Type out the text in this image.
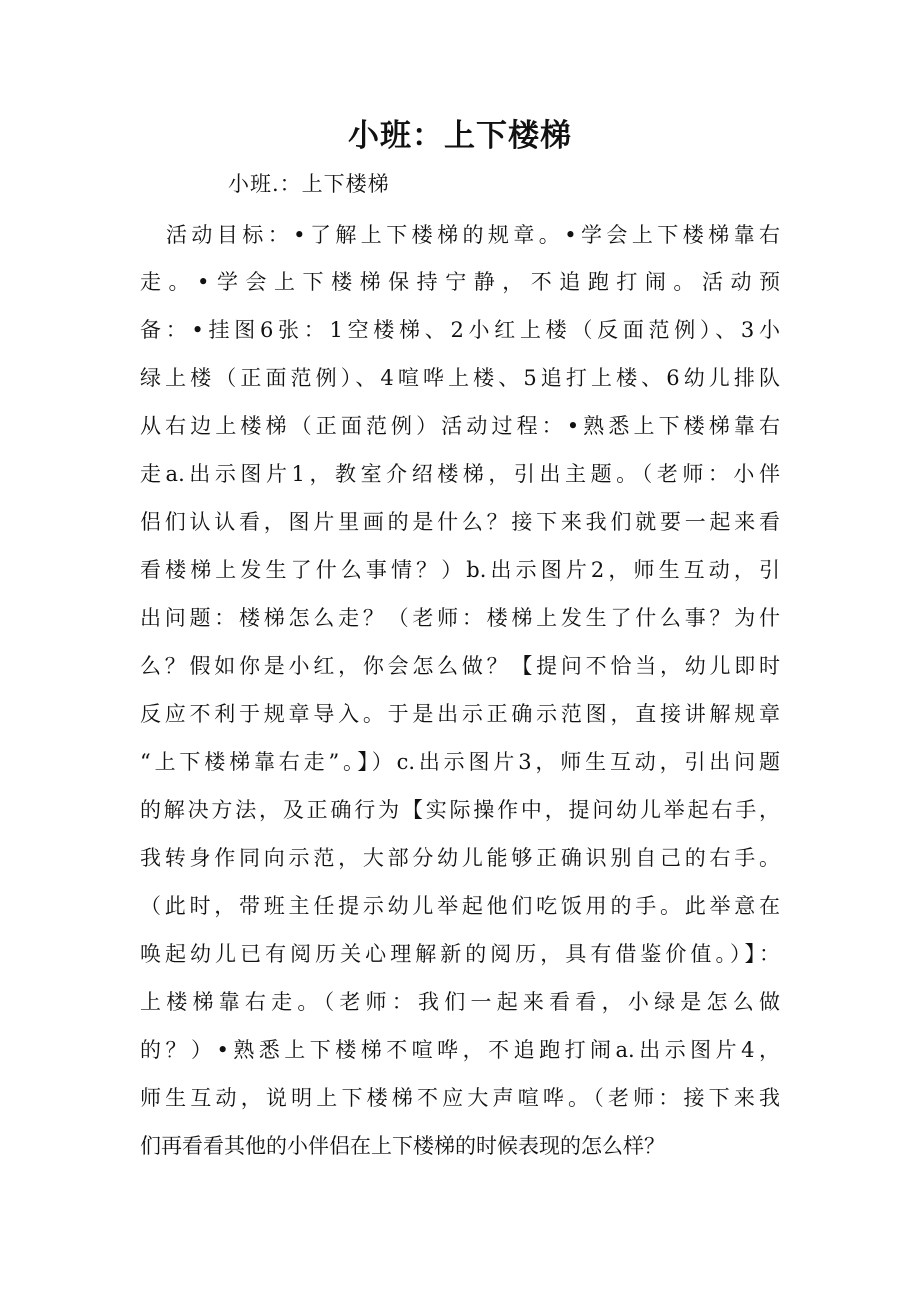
小班：上下楼梯
小班.：上下楼梯
活动目标：•了解上下楼梯的规章。•学会上下楼梯靠右
走。•学会上下楼梯保持宁静，不追跑打闹。活动预
备：•挂图6张：1空楼梯、2小红上楼（反面范例）、3小
绿上楼（正面范例）、4喧哗上楼、5追打上楼、6幼儿排队
从右边上楼梯（正面范例）活动过程：•熟悉上下楼梯靠右
走a.出示图片1，教室介绍楼梯，引出主题。（老师：小伴
侣们认认看，图片里画的是什么？接下来我们就要一起来看
看楼梯上发生了什么事情？）b.出示图片2，师生互动，引
出问题：楼梯怎么走？（老师：楼梯上发生了什么事？为什
么？假如你是小红，你会怎么做？【提问不恰当，幼儿即时
反应不利于规章导入。于是出示正确示范图，直接讲解规章
“上下楼梯靠右走”。】）c.出示图片3，师生互动，引出问题
的解决方法，及正确行为【实际操作中，提问幼儿举起右手，
我转身作同向示范，大部分幼儿能够正确识别自己的右手。
（此时，带班主任提示幼儿举起他们吃饭用的手。此举意在
唤起幼儿已有阅历关心理解新的阅历，具有借鉴价值。）】：
上楼梯靠右走。（老师：我们一起来看看，小绿是怎么做
的？）•熟悉上下楼梯不喧哗，不追跑打闹a.出示图片4，
师生互动，说明上下楼梯不应大声喧哗。（老师：接下来我
们再看看其他的小伴侣在上下楼梯的时候表现的怎么样？
